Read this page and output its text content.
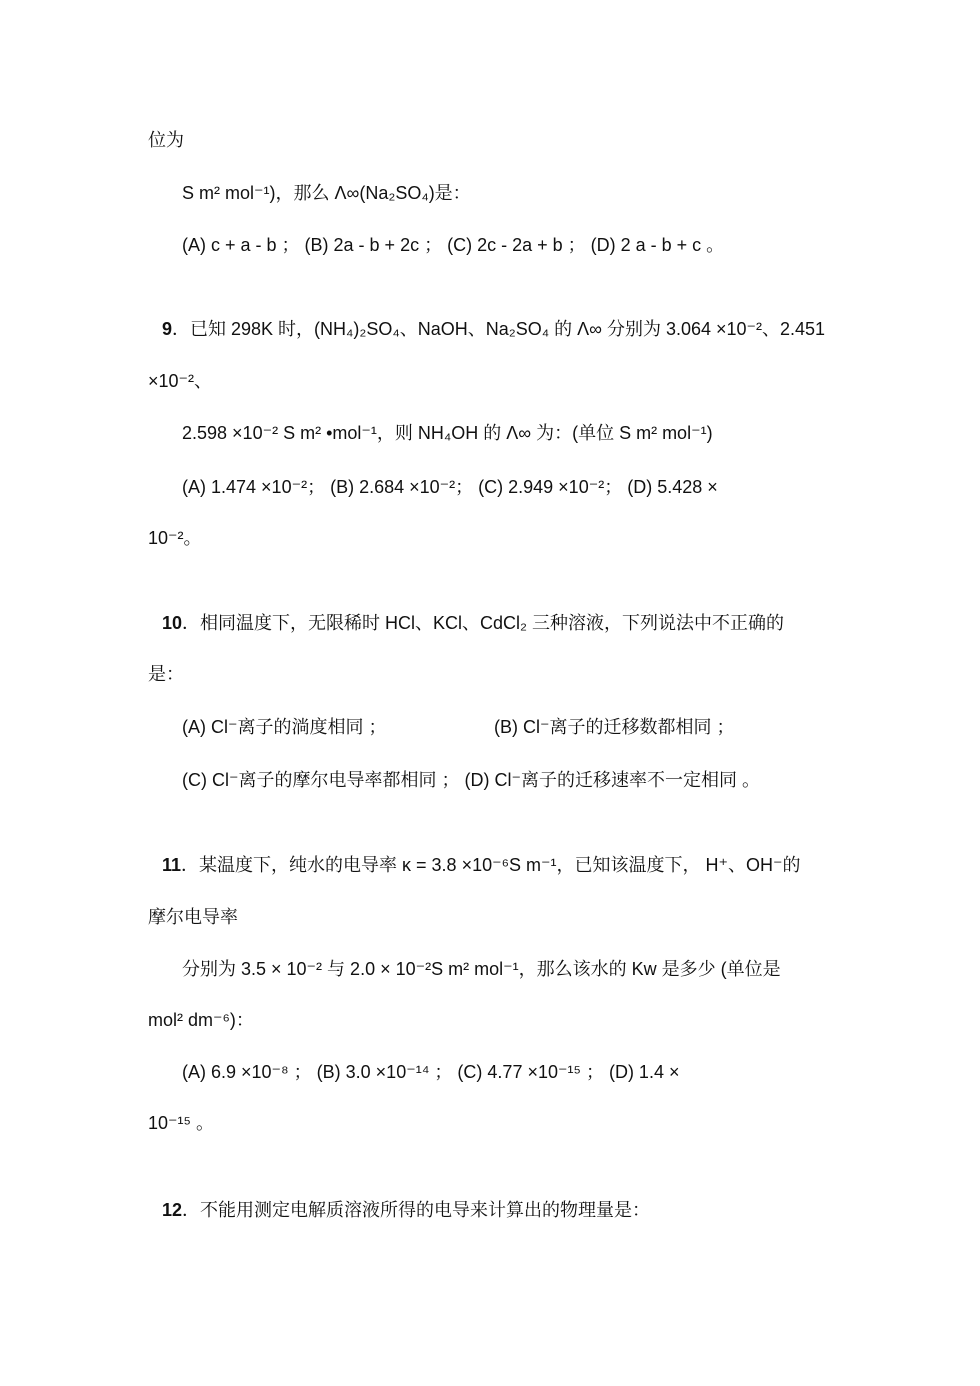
位为
S m² mol⁻¹)，那么 Λ∞(Na₂SO₄)是：
(A) c + a - b ； (B) 2a - b + 2c ； (C) 2c - 2a + b ； (D) 2 a - b + c 。
9．已知 298K 时，(NH₄)₂SO₄、NaOH、Na₂SO₄ 的 Λ∞ 分别为 3.064 ×10⁻²、2.451
×10⁻²、
2.598 ×10⁻² S m² •mol⁻¹，则 NH₄OH 的 Λ∞ 为：(单位 S m² mol⁻¹)
(A) 1.474 ×10⁻²； (B) 2.684 ×10⁻²； (C) 2.949 ×10⁻²； (D) 5.428 ×
10⁻²。
10．相同温度下，无限稀时 HCl、KCl、CdCl₂ 三种溶液，下列说法中不正确的
是：
(A) Cl⁻离子的淌度相同 ；	(B) Cl⁻离子的迁移数都相同 ；
(C) Cl⁻离子的摩尔电导率都相同 ； (D) Cl⁻离子的迁移速率不一定相同 。
11．某温度下，纯水的电导率 κ = 3.8 ×10⁻⁶S m⁻¹，已知该温度下， H⁺、OH⁻的
摩尔电导率
分别为 3.5 × 10⁻² 与 2.0 × 10⁻²S m² mol⁻¹，那么该水的 Kw 是多少 (单位是
mol² dm⁻⁶)：
(A) 6.9 ×10⁻⁸ ； (B) 3.0 ×10⁻¹⁴ ； (C) 4.77 ×10⁻¹⁵ ； (D) 1.4 ×
10⁻¹⁵ 。
12．不能用测定电解质溶液所得的电导来计算出的物理量是：
